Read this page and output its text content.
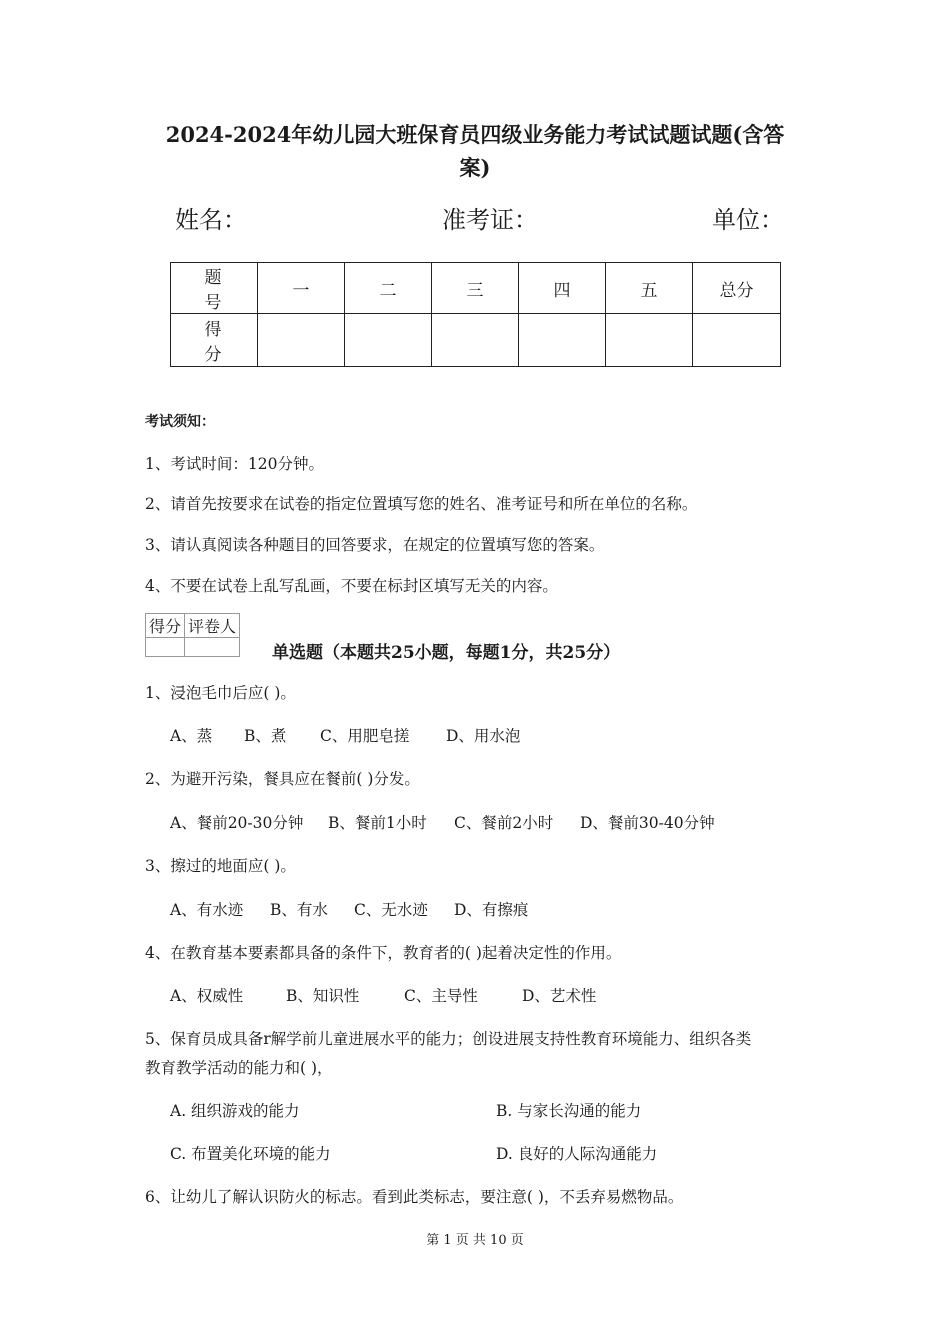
2024-2024年幼儿园大班保育员四级业务能力考试试题试题(含答
案)
姓名：	准考证：	单位：
题 号	一	二	三	四	五	总分
得 分						
考试须知：
1、考试时间：120分钟。
2、请首先按要求在试卷的指定位置填写您的姓名、准考证号和所在单位的名称。
3、请认真阅读各种题目的回答要求，在规定的位置填写您的答案。
4、不要在试卷上乱写乱画，不要在标封区填写无关的内容。
得分	评卷人

单选题（本题共25小题，每题1分，共25分）
1、浸泡毛巾后应( )。
A、蒸 B、煮 C、用肥皂搓 D、用水泡
2、为避开污染，餐具应在餐前( )分发。
A、餐前20-30分钟 B、餐前1小时 C、餐前2小时 D、餐前30-40分钟
3、擦过的地面应( )。
A、有水迹 B、有水 C、无水迹 D、有擦痕
4、在教育基本要素都具备的条件下，教育者的( )起着决定性的作用。
A、权威性	B、知识性	C、主导性	D、艺术性
5、保育员成具备r解学前儿童进展水平的能力；创设进展支持性教育环境能力、组织各类
教育教学活动的能力和( )，
A. 组织游戏的能力	B. 与家长沟通的能力
C. 布置美化环境的能力	D. 良好的人际沟通能力
6、让幼儿了解认识防火的标志。看到此类标志，要注意( )，不丢弃易燃物品。
第 1 页 共 10 页
